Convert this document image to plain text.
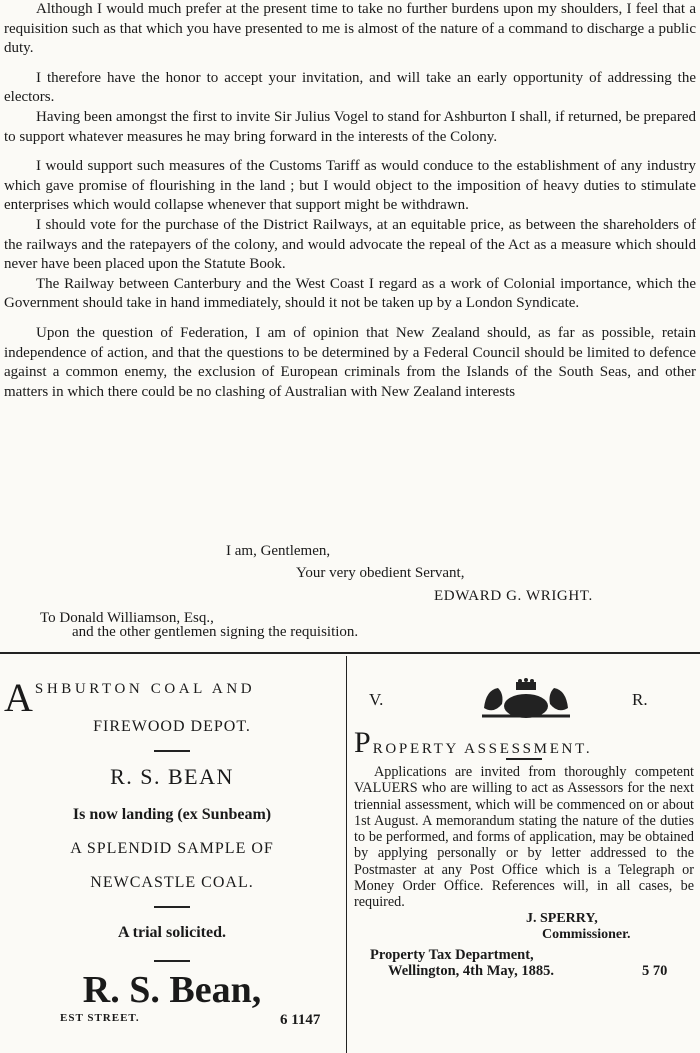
Although I would much prefer at the present time to take no further burdens upon my shoulders, I feel that a requisition such as that which you have presented to me is almost of the nature of a command to discharge a public duty.

I therefore have the honor to accept your invitation, and will take an early opportunity of addressing the electors.

Having been amongst the first to invite Sir Julius Vogel to stand for Ashburton I shall, if returned, be prepared to support whatever measures he may bring forward in the interests of the Colony.

I would support such measures of the Customs Tariff as would conduce to the establishment of any industry which gave promise of flourishing in the land ; but I would object to the imposition of heavy duties to stimulate enterprises which would collapse whenever that support might be withdrawn.

I should vote for the purchase of the District Railways, at an equitable price, as between the shareholders of the railways and the ratepayers of the colony, and would advocate the repeal of the Act as a measure which should never have been placed upon the Statute Book.

The Railway between Canterbury and the West Coast I regard as a work of Colonial importance, which the Government should take in hand immediately, should it not be taken up by a London Syndicate.

Upon the question of Federation, I am of opinion that New Zealand should, as far as possible, retain independence of action, and that the questions to be determined by a Federal Council should be limited to defence against a common enemy, the exclusion of European criminals from the Islands of the South Seas, and other matters in which there could be no clashing of Australian with New Zealand interests

I am, Gentlemen,
Your very obedient Servant,
EDWARD G. WRIGHT.
To Donald Williamson, Esq.,
and the other gentlemen signing the requisition.
A SHBURTON COAL AND
FIREWOOD DEPOT.
R. S. BEAN
Is now landing (ex Sunbeam)
A SPLENDID SAMPLE OF
NEWCASTLE COAL.
A trial solicited.
R. S. Bean,
EST STREET.	6 1147
V.	R.
P ROPERTY ASSESSMENT.

Applications are invited from thoroughly competent VALUERS who are willing to act as Assessors for the next triennial assessment, which will be commenced on or about 1st August. A memorandum stating the nature of the duties to be performed, and forms of application, may be obtained by applying personally or by letter addressed to the Postmaster at any Post Office which is a Telegraph or Money Order Office. References will, in all cases, be required.

J. SPERRY,
Commissioner.
Property Tax Department,
Wellington, 4th May, 1885.	5 70
